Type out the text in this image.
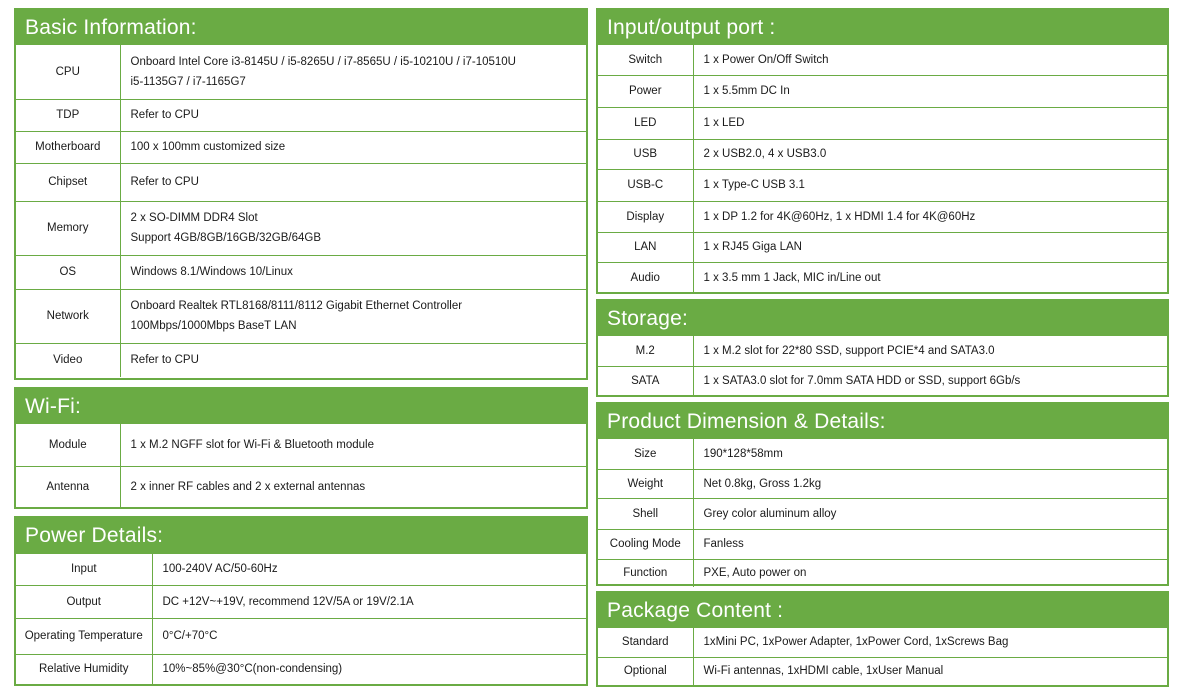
Basic Information:
CPU	Onboard Intel Core i3-8145U / i5-8265U / i7-8565U / i5-10210U / i7-10510U
i5-1135G7 / i7-1165G7

TDP	Refer to CPU

Motherboard	100 x 100mm customized size

Chipset	Refer to CPU

Memory	2 x SO-DIMM DDR4 Slot
Support 4GB/8GB/16GB/32GB/64GB

OS	Windows 8.1/Windows 10/Linux

Network	Onboard Realtek RTL8168/8111/8112 Gigabit Ethernet Controller
100Mbps/1000Mbps BaseT LAN

Video	Refer to CPU
Wi-Fi:
Module	1 x M.2 NGFF slot for Wi-Fi & Bluetooth module

Antenna	2 x inner RF cables and 2 x external antennas
Power Details:
Input	100-240V AC/50-60Hz

Output	DC +12V~+19V, recommend 12V/5A or 19V/2.1A

Operating Temperature	0°C/+70°C

Relative Humidity	10%~85%@30°C(non-condensing)
Input/output port :
Switch	1 x Power On/Off Switch

Power	1 x 5.5mm DC In

LED	1 x LED

USB	2 x USB2.0, 4 x USB3.0

USB-C	1 x Type-C USB 3.1

Display	1 x DP 1.2 for 4K@60Hz, 1 x HDMI 1.4 for 4K@60Hz

LAN	1 x RJ45 Giga LAN

Audio	1 x 3.5 mm 1 Jack, MIC in/Line out
Storage:
M.2	1 x M.2 slot for 22*80 SSD, support PCIE*4 and SATA3.0

SATA	1 x SATA3.0 slot for 7.0mm SATA HDD or SSD, support 6Gb/s
Product Dimension & Details:
Size	190*128*58mm

Weight	Net 0.8kg, Gross 1.2kg

Shell	Grey color aluminum alloy

Cooling Mode	Fanless

Function	PXE, Auto power on
Package Content :
Standard	1xMini PC, 1xPower Adapter, 1xPower Cord, 1xScrews Bag

Optional	Wi-Fi antennas, 1xHDMI cable, 1xUser Manual
